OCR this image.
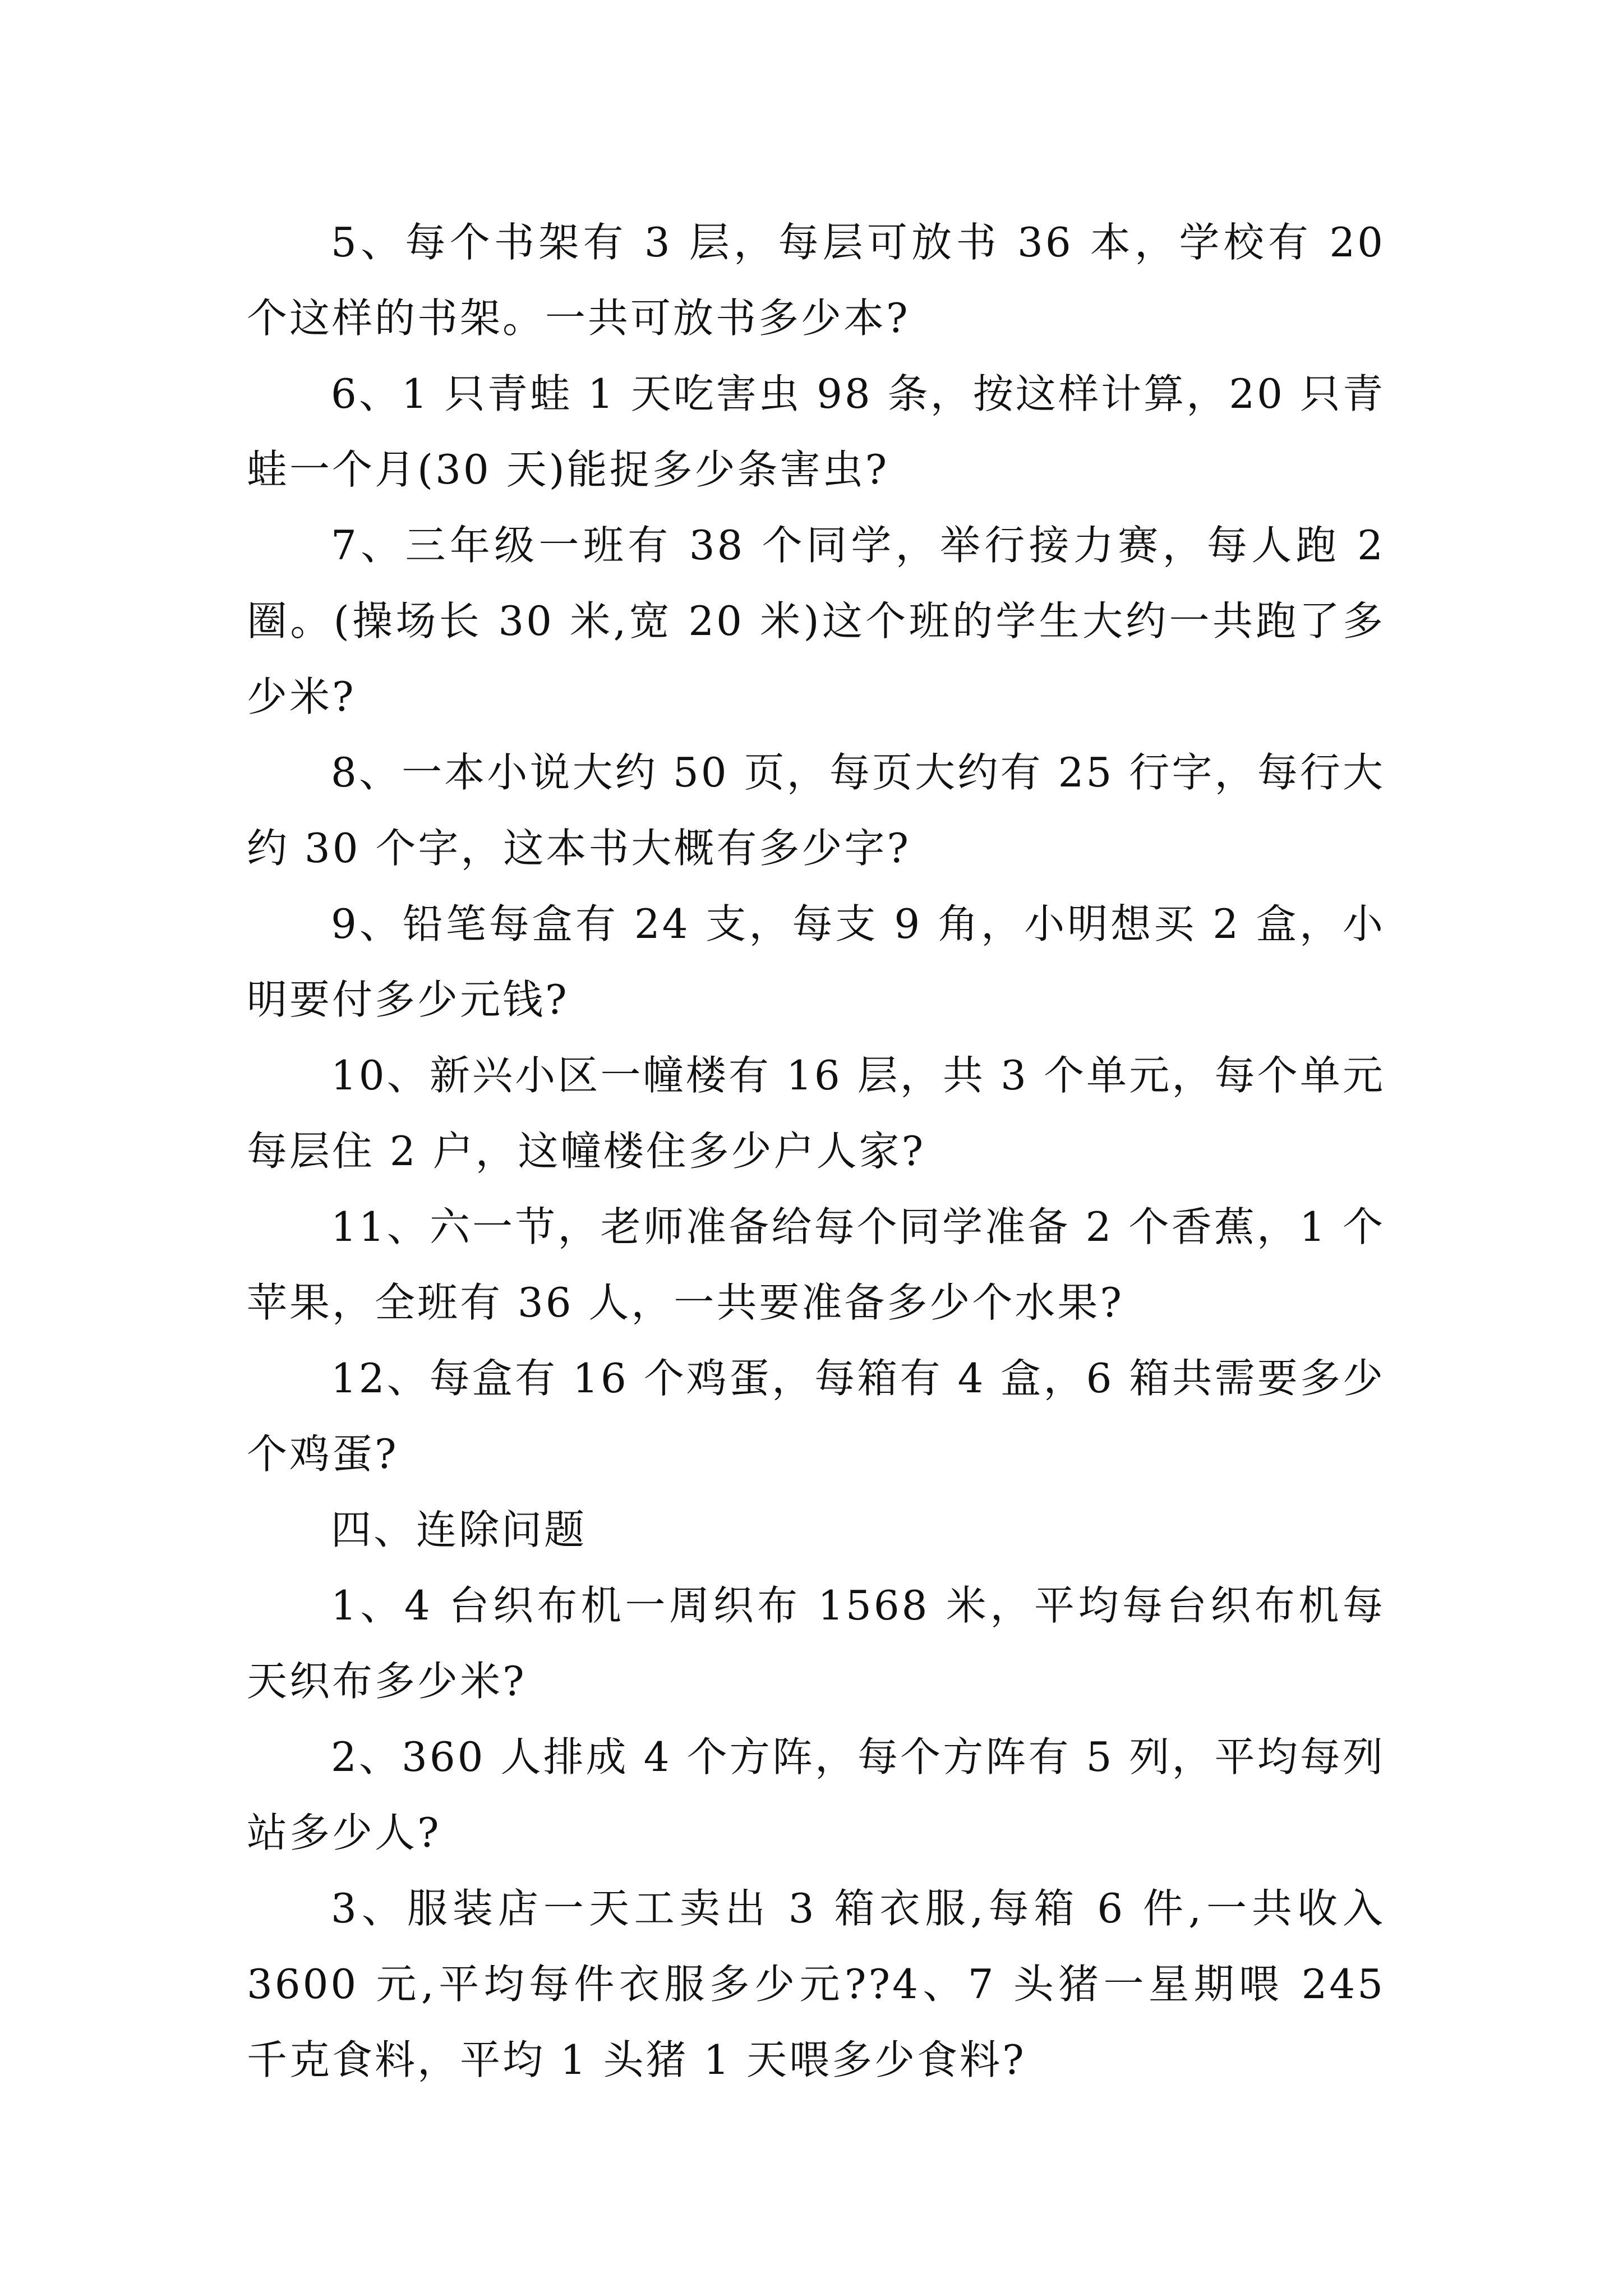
5、每个书架有 3 层，每层可放书 36 本，学校有 20 个这样的书架。一共可放书多少本?

6、1 只青蛙 1 天吃害虫 98 条，按这样计算，20 只青蛙一个月(30 天)能捉多少条害虫?

7、三年级一班有 38 个同学，举行接力赛，每人跑 2 圈。(操场长 30 米,宽 20 米)这个班的学生大约一共跑了多少米?

8、一本小说大约 50 页，每页大约有 25 行字，每行大约 30 个字，这本书大概有多少字?

9、铅笔每盒有 24 支，每支 9 角，小明想买 2 盒，小明要付多少元钱?

10、新兴小区一幢楼有 16 层，共 3 个单元，每个单元每层住 2 户，这幢楼住多少户人家?

11、六一节，老师准备给每个同学准备 2 个香蕉，1 个苹果，全班有 36 人，一共要准备多少个水果?

12、每盒有 16 个鸡蛋，每箱有 4 盒，6 箱共需要多少个鸡蛋?

四、连除问题

1、4 台织布机一周织布 1568 米，平均每台织布机每天织布多少米?

2、360 人排成 4 个方阵，每个方阵有 5 列，平均每列站多少人?

3、服装店一天工卖出 3 箱衣服,每箱 6 件,一共收入 3600 元,平均每件衣服多少元??4、7 头猪一星期喂 245 千克食料，平均 1 头猪 1 天喂多少食料?
